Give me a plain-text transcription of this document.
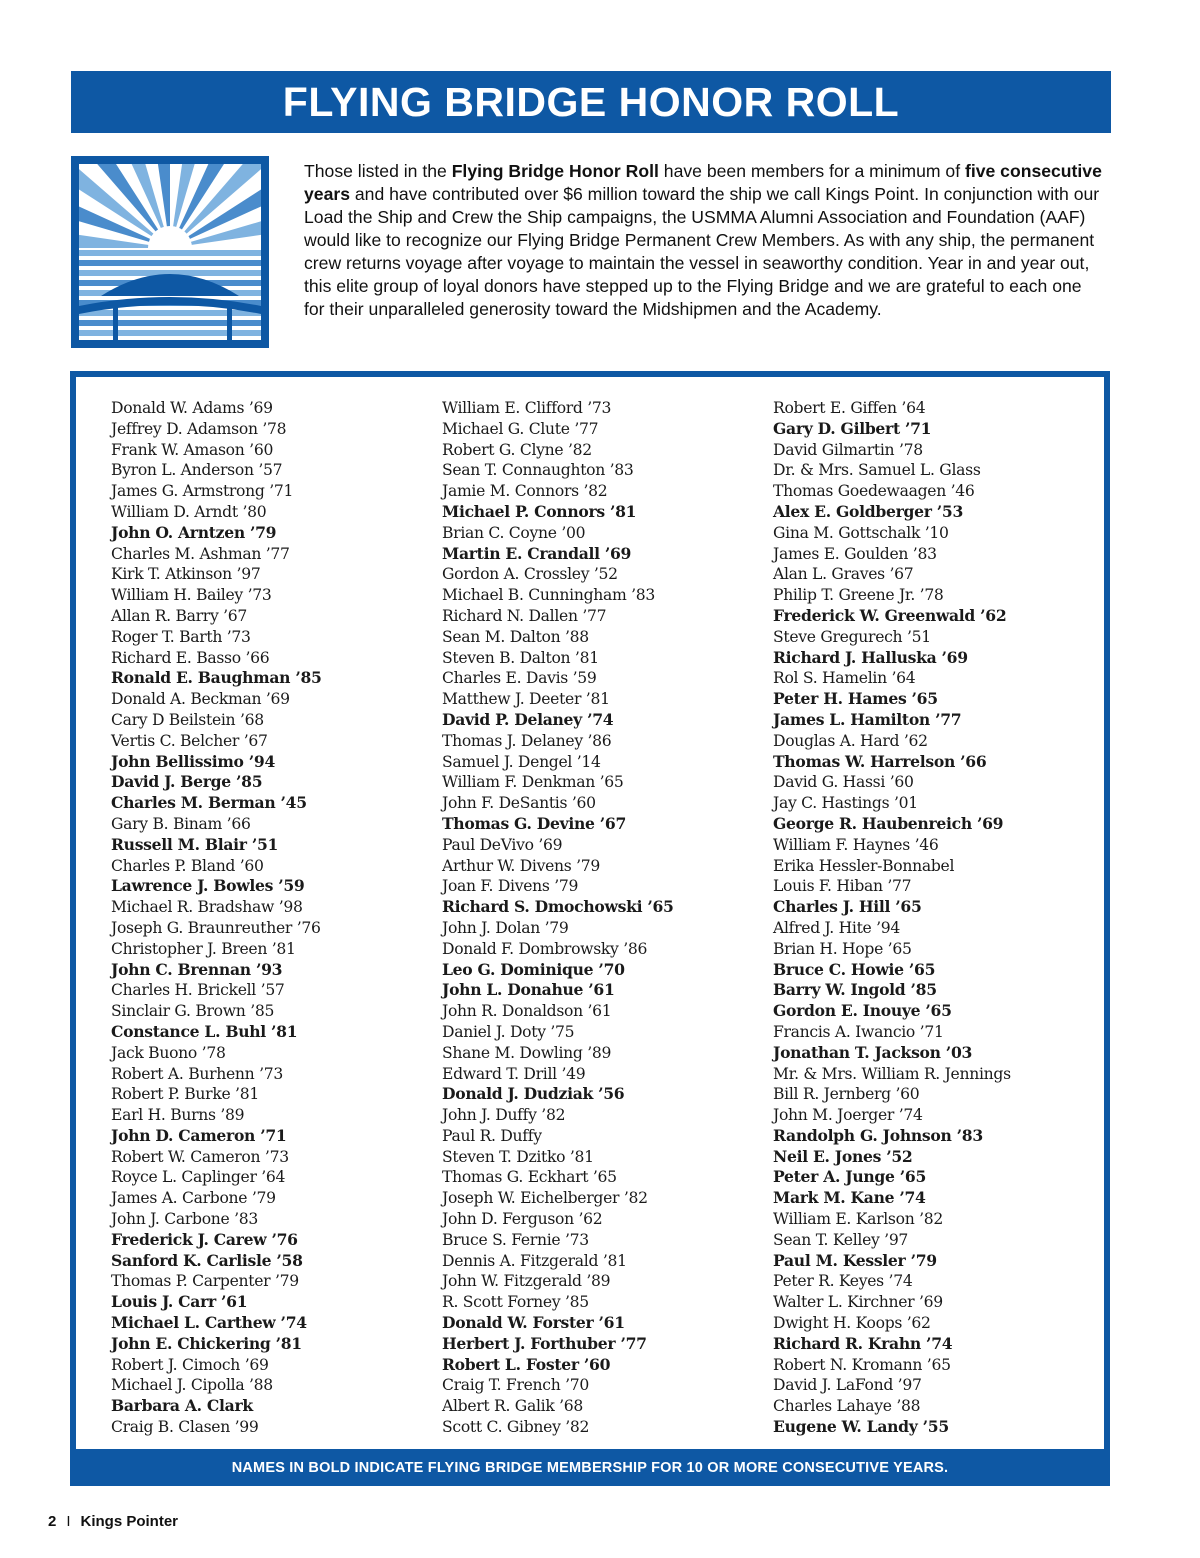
FLYING BRIDGE HONOR ROLL

Those listed in the Flying Bridge Honor Roll have been members for a minimum of five consecutive years and have contributed over $6 million toward the ship we call Kings Point. In conjunction with our Load the Ship and Crew the Ship campaigns, the USMMA Alumni Association and Foundation (AAF) would like to recognize our Flying Bridge Permanent Crew Members. As with any ship, the permanent crew returns voyage after voyage to maintain the vessel in seaworthy condition. Year in and year out, this elite group of loyal donors have stepped up to the Flying Bridge and we are grateful to each one for their unparalleled generosity toward the Midshipmen and the Academy.

Donald W. Adams ’69
Jeffrey D. Adamson ’78
Frank W. Amason ’60
Byron L. Anderson ’57
James G. Armstrong ’71
William D. Arndt ’80
John O. Arntzen ’79
Charles M. Ashman ’77
Kirk T. Atkinson ’97
William H. Bailey ’73
Allan R. Barry ’67
Roger T. Barth ’73
Richard E. Basso ’66
Ronald E. Baughman ’85
Donald A. Beckman ’69
Cary D Beilstein ’68
Vertis C. Belcher ’67
John Bellissimo ’94
David J. Berge ’85
Charles M. Berman ’45
Gary B. Binam ’66
Russell M. Blair ’51
Charles P. Bland ’60
Lawrence J. Bowles ’59
Michael R. Bradshaw ’98
Joseph G. Braunreuther ’76
Christopher J. Breen ’81
John C. Brennan ’93
Charles H. Brickell ’57
Sinclair G. Brown ’85
Constance L. Buhl ’81
Jack Buono ’78
Robert A. Burhenn ’73
Robert P. Burke ’81
Earl H. Burns ’89
John D. Cameron ’71
Robert W. Cameron ’73
Royce L. Caplinger ’64
James A. Carbone ’79
John J. Carbone ’83
Frederick J. Carew ’76
Sanford K. Carlisle ’58
Thomas P. Carpenter ’79
Louis J. Carr ’61
Michael L. Carthew ’74
John E. Chickering ’81
Robert J. Cimoch ’69
Michael J. Cipolla ’88
Barbara A. Clark
Craig B. Clasen ’99
William E. Clifford ’73
Michael G. Clute ’77
Robert G. Clyne ’82
Sean T. Connaughton ’83
Jamie M. Connors ’82
Michael P. Connors ’81
Brian C. Coyne ’00
Martin E. Crandall ’69
Gordon A. Crossley ’52
Michael B. Cunningham ’83
Richard N. Dallen ’77
Sean M. Dalton ’88
Steven B. Dalton ’81
Charles E. Davis ’59
Matthew J. Deeter ’81
David P. Delaney ’74
Thomas J. Delaney ’86
Samuel J. Dengel ’14
William F. Denkman ’65
John F. DeSantis ’60
Thomas G. Devine ’67
Paul DeVivo ’69
Arthur W. Divens ’79
Joan F. Divens ’79
Richard S. Dmochowski ’65
John J. Dolan ’79
Donald F. Dombrowsky ’86
Leo G. Dominique ’70
John L. Donahue ’61
John R. Donaldson ’61
Daniel J. Doty ’75
Shane M. Dowling ’89
Edward T. Drill ’49
Donald J. Dudziak ’56
John J. Duffy ’82
Paul R. Duffy
Steven T. Dzitko ’81
Thomas G. Eckhart ’65
Joseph W. Eichelberger ’82
John D. Ferguson ’62
Bruce S. Fernie ’73
Dennis A. Fitzgerald ’81
John W. Fitzgerald ’89
R. Scott Forney ’85
Donald W. Forster ’61
Herbert J. Forthuber ’77
Robert L. Foster ’60
Craig T. French ’70
Albert R. Galik ’68
Scott C. Gibney ’82
Robert E. Giffen ’64
Gary D. Gilbert ’71
David Gilmartin ’78
Dr. & Mrs. Samuel L. Glass
Thomas Goedewaagen ’46
Alex E. Goldberger ’53
Gina M. Gottschalk ’10
James E. Goulden ’83
Alan L. Graves ’67
Philip T. Greene Jr. ’78
Frederick W. Greenwald ’62
Steve Gregurech ’51
Richard J. Halluska ’69
Rol S. Hamelin ’64
Peter H. Hames ’65
James L. Hamilton ’77
Douglas A. Hard ’62
Thomas W. Harrelson ’66
David G. Hassi ’60
Jay C. Hastings ’01
George R. Haubenreich ’69
William F. Haynes ’46
Erika Hessler-Bonnabel
Louis F. Hiban ’77
Charles J. Hill ’65
Alfred J. Hite ’94
Brian H. Hope ’65
Bruce C. Howie ’65
Barry W. Ingold ’85
Gordon E. Inouye ’65
Francis A. Iwancio ’71
Jonathan T. Jackson ’03
Mr. & Mrs. William R. Jennings
Bill R. Jernberg ’60
John M. Joerger ’74
Randolph G. Johnson ’83
Neil E. Jones ’52
Peter A. Junge ’65
Mark M. Kane ’74
William E. Karlson ’82
Sean T. Kelley ’97
Paul M. Kessler ’79
Peter R. Keyes ’74
Walter L. Kirchner ’69
Dwight H. Koops ’62
Richard R. Krahn ’74
Robert N. Kromann ’65
David J. LaFond ’97
Charles Lahaye ’88
Eugene W. Landy ’55
NAMES IN BOLD INDICATE FLYING BRIDGE MEMBERSHIP FOR 10 OR MORE CONSECUTIVE YEARS.
2 I Kings Pointer
